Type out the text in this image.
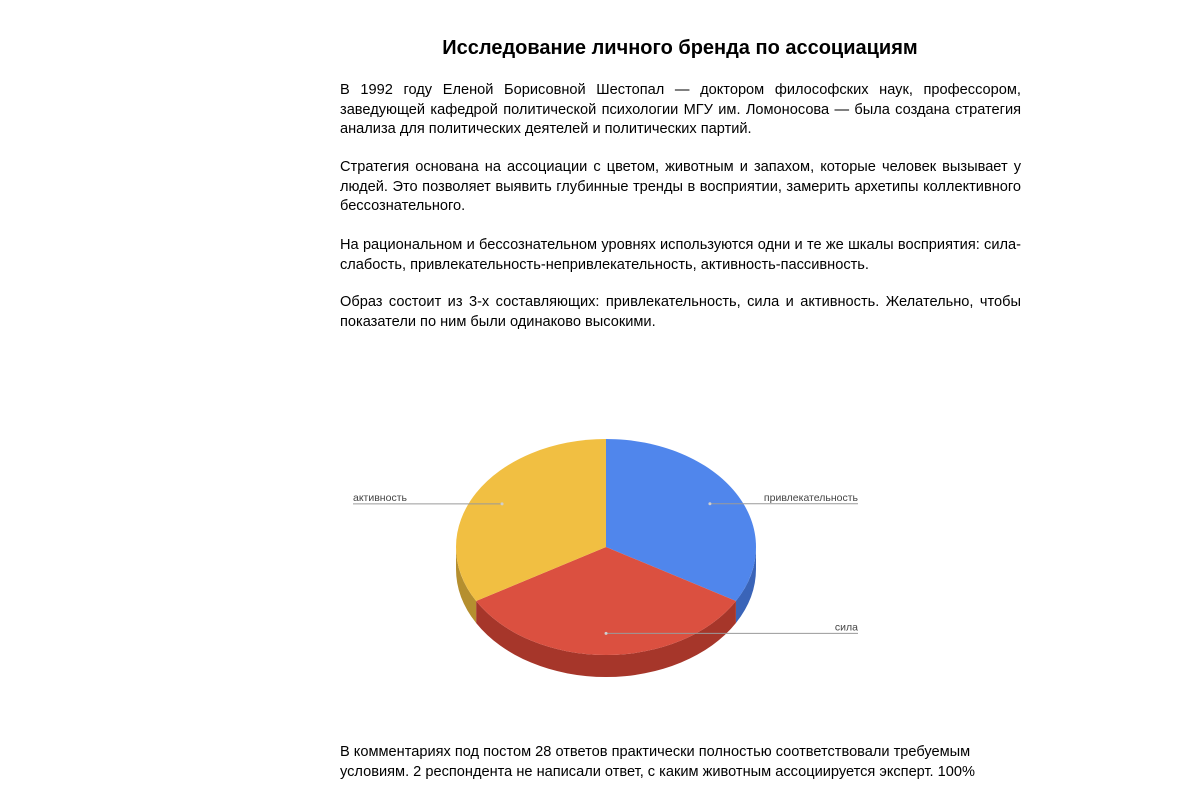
Исследование личного бренда по ассоциациям

В 1992 году Еленой Борисовной Шестопал — доктором философских наук, профессором, заведующей кафедрой политической психологии МГУ им. Ломоносова — была создана стратегия анализа для политических деятелей и политических партий.

Стратегия основана на ассоциации с цветом, животным и запахом, которые человек вызывает у людей. Это позволяет выявить глубинные тренды в восприятии, замерить архетипы коллективного бессознательного.

На рациональном и бессознательном уровнях используются одни и те же шкалы восприятия: сила-слабость, привлекательность-непривлекательность, активность-пассивность.

Образ состоит из 3-х составляющих: привлекательность, сила и активность. Желательно, чтобы показатели по ним были одинаково высокими.

привлекательность
сила
активность

В комментариях под постом 28 ответов практически полностью соответствовали требуемым условиям. 2 респондента не написали ответ, с каким животным ассоциируется эксперт. 100%
